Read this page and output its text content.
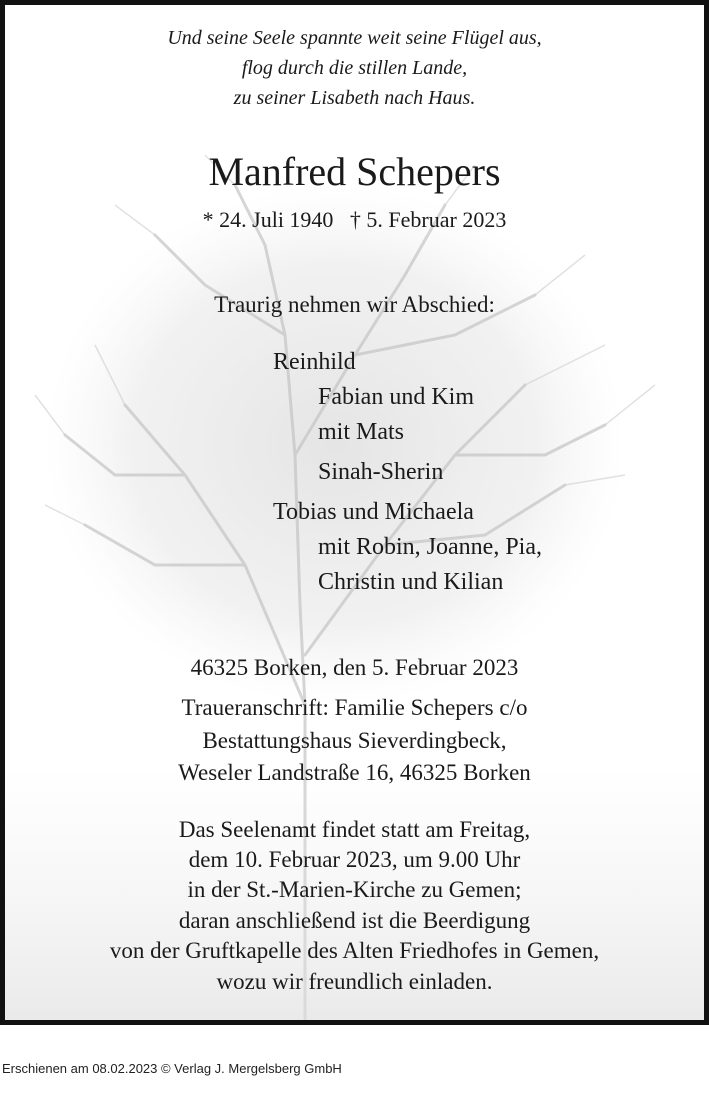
Und seine Seele spannte weit seine Flügel aus,
flog durch die stillen Lande,
zu seiner Lisabeth nach Haus.
Manfred Schepers
* 24. Juli 1940   † 5. Februar 2023
Traurig nehmen wir Abschied:
Reinhild
Fabian und Kim
mit Mats
Sinah-Sherin
Tobias und Michaela
mit Robin, Joanne, Pia,
Christin und Kilian
46325 Borken, den 5. Februar 2023
Traueranschrift: Familie Schepers c/o
Bestattungshaus Sieverdingbeck,
Weseler Landstraße 16, 46325 Borken
Das Seelenamt findet statt am Freitag,
dem 10. Februar 2023, um 9.00 Uhr
in der St.-Marien-Kirche zu Gemen;
daran anschließend ist die Beerdigung
von der Gruftkapelle des Alten Friedhofes in Gemen,
wozu wir freundlich einladen.
Erschienen am 08.02.2023 © Verlag J. Mergelsberg GmbH
